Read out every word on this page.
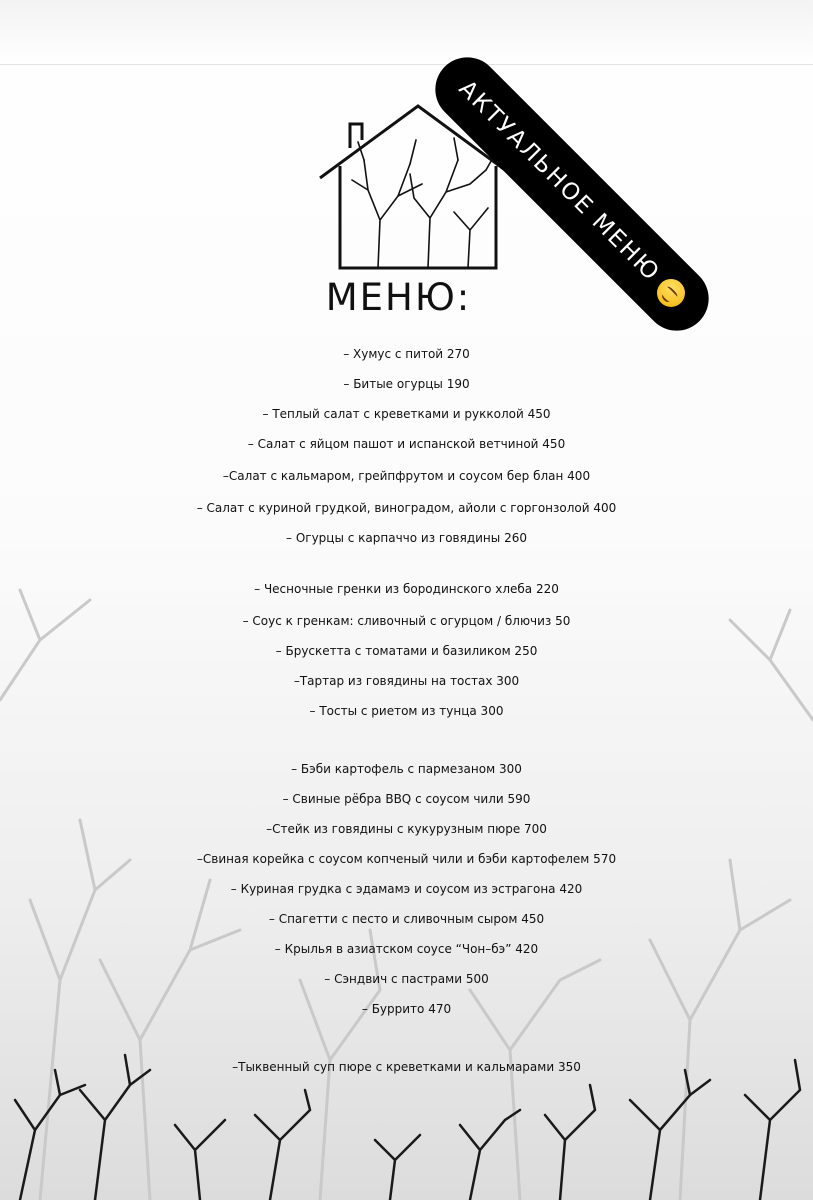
АКТУАЛЬНОЕ МЕНЮ
МЕНЮ:
– Хумус с питой 270
– Битые огурцы 190
– Теплый салат с креветками и рукколой 450
– Салат с яйцом пашот и испанской ветчиной 450
–Салат с кальмаром, грейпфрутом и соусом бер блан 400
– Салат с куриной грудкой, виноградом, айоли с горгонзолой 400
– Огурцы с карпаччо из говядины 260
– Чесночные гренки из бородинского хлеба 220
– Соус к гренкам: сливочный с огурцом / блючиз 50
– Брускетта с томатами и базиликом 250
–Тартар из говядины на тостах 300
– Тосты с риетом из тунца 300
– Бэби картофель с пармезаном 300
– Свиные рёбра BBQ с соусом чили 590
–Стейк из говядины с кукурузным пюре 700
–Свиная корейка с соусом копченый чили и бэби картофелем 570
– Куриная грудка с эдамамэ и соусом из эстрагона 420
– Спагетти с песто и сливочным сыром 450
– Крылья в азиатском соусе “Чон–бэ” 420
– Сэндвич с пастрами 500
– Буррито 470
–Тыквенный суп пюре с креветками и кальмарами 350
